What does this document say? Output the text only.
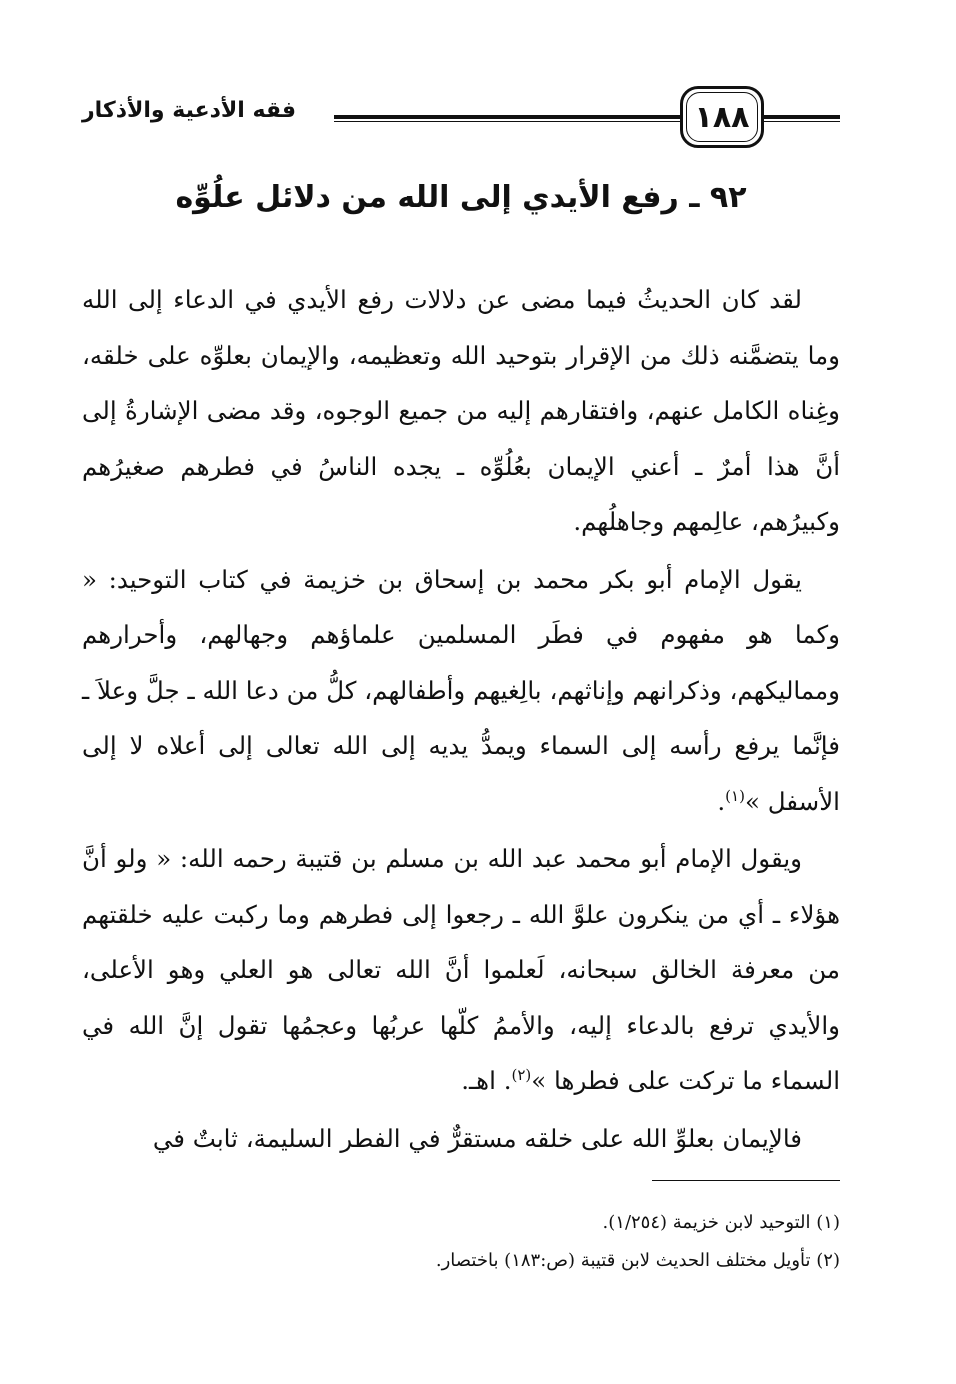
١٨٨
فقه الأدعية والأذكار
٩٢ ـ رفع الأيدي إلى الله من دلائل علُوِّه

لقد كان الحديثُ فيما مضى عن دلالات رفع الأيدي في الدعاء إلى الله وما يتضمَّنه ذلك من الإقرار بتوحيد الله وتعظيمه، والإيمان بعلوِّه على خلقه، وغِناه الكامل عنهم، وافتقارهم إليه من جميع الوجوه، وقد مضى الإشارةُ إلى أنَّ هذا أمرٌ ـ أعني الإيمان بعُلُوِّه ـ يجده الناسُ في فطرهم صغيرُهم وكبيرُهم، عالِمهم وجاهلُهم.

يقول الإمام أبو بكر محمد بن إسحاق بن خزيمة في كتاب التوحيد: « وكما هو مفهوم في فطَر المسلمين علماؤهم وجهالهم، وأحرارهم ومماليكهم، وذكرانهم وإناثهم، بالِغيهم وأطفالهم، كلُّ من دعا الله ـ جلَّ وعلاَ ـ فإنَّما يرفع رأسه إلى السماء ويمدُّ يديه إلى الله تعالى إلى أعلاه لا إلى الأسفل »$^{(١)}$.

ويقول الإمام أبو محمد عبد الله بن مسلم بن قتيبة رحمه الله: « ولو أنَّ هؤلاء ـ أي من ينكرون علوَّ الله ـ رجعوا إلى فطرهم وما ركبت عليه خلقتهم من معرفة الخالق سبحانه، لَعلموا أنَّ الله تعالى هو العلي وهو الأعلى، والأيدي ترفع بالدعاء إليه، والأممُ كلّها عربُها وعجمُها تقول إنَّ الله في السماء ما تركت على فطرها »$^{(٢)}$. اهـ.

فالإيمان بعلوِّ الله على خلقه مستقرٌّ في الفطر السليمة، ثابتٌ في

(١) التوحيد لابن خزيمة (١/٢٥٤).

(٢) تأويل مختلف الحديث لابن قتيبة (ص:١٨٣) باختصار.
